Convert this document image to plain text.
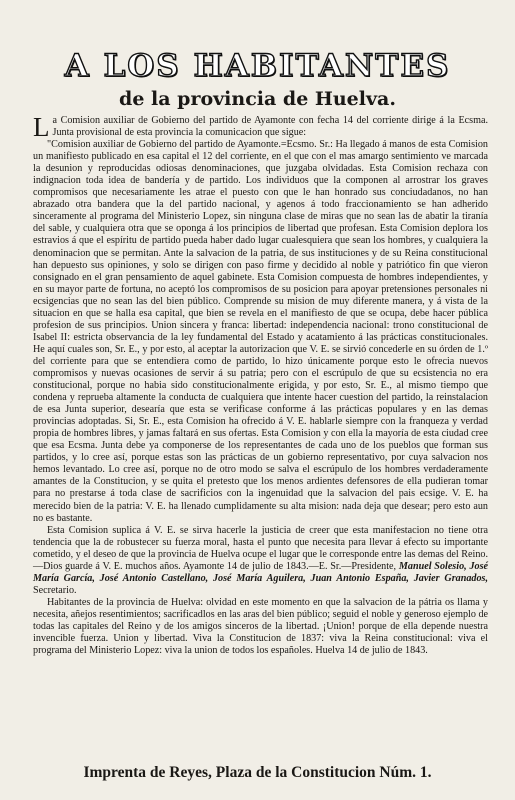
A LOS HABITANTES
de la provincia de Huelva.

La Comision auxiliar de Gobierno del partido de Ayamonte con fecha 14 del corriente dirige á la Ecsma. Junta provisional de esta provincia la comunicacion que sigue:

"Comision auxiliar de Gobierno del partido de Ayamonte.=Ecsmo. Sr.: Ha llegado á manos de esta Comision un manifiesto publicado en esa capital el 12 del corriente, en el que con el mas amargo sentimiento ve marcada la desunion y reproducidas odiosas denominaciones, que juzgaba olvidadas. Esta Comision rechaza con indignacion toda idea de bandería y de partido. Los individuos que la componen al arrostrar los graves compromisos que necesariamente les atrae el puesto con que le han honrado sus conciudadanos, no han abrazado otra bandera que la del partido nacional, y agenos á todo fraccionamiento se han adherido sinceramente al programa del Ministerio Lopez, sin ninguna clase de miras que no sean las de abatir la tiranía del sable, y cualquiera otra que se oponga á los principios de libertad que profesan. Esta Comision deplora los estravios á que el espíritu de partido pueda haber dado lugar cualesquiera que sean los hombres, y cualquiera la denominacion que se permitan. Ante la salvacion de la patria, de sus instituciones y de su Reina constitucional han depuesto sus opiniones, y solo se dirigen con paso firme y decidido al noble y patriótico fin que vieron consignado en el gran pensamiento de aquel gabinete. Esta Comision compuesta de hombres independientes, y en su mayor parte de fortuna, no aceptó los compromisos de su posicion para apoyar pretensiones personales ni ecsigencias que no sean las del bien público. Comprende su mision de muy diferente manera, y á vista de la situacion en que se halla esa capital, que bien se revela en el manifiesto de que se ocupa, debe hacer pública profesion de sus principios. Union sincera y franca: libertad: independencia nacional: trono constitucional de Isabel II: estricta observancia de la ley fundamental del Estado y acatamiento á las prácticas constitucionales. He aquí cuales son, Sr. E., y por esto, al aceptar la autorizacion que V. E. se sirvió concederle en su órden de 1.º del corriente para que se entendiera como de partido, lo hizo únicamente porque esto le ofrecia nuevos compromisos y nuevas ocasiones de servir á su patria; pero con el escrúpulo de que su ecsistencia no era constitucional, porque no habia sido constitucionalmente erigida, y por esto, Sr. E., al mismo tiempo que condena y reprueba altamente la conducta de cualquiera que intente hacer cuestion del partido, la reinstalacion de esa Junta superior, desearía que esta se verificase conforme á las prácticas populares y en las demas provincias adoptadas. Si, Sr. E., esta Comision ha ofrecido á V. E. hablarle siempre con la franqueza y verdad propia de hombres libres, y jamas faltará en sus ofertas. Esta Comision y con ella la mayoría de esta ciudad cree que esa Ecsma. Junta debe ya componerse de los representantes de cada uno de los pueblos que forman sus partidos, y lo cree así, porque estas son las prácticas de un gobierno representativo, por cuya salvacion nos hemos levantado. Lo cree así, porque no de otro modo se salva el escrúpulo de los hombres verdaderamente amantes de la Constitucion, y se quita el pretesto que los menos ardientes defensores de ella pudieran tomar para no prestarse á toda clase de sacrificios con la ingenuidad que la salvacion del pais ecsige. V. E. ha merecido bien de la patria: V. E. ha llenado cumplidamente su alta mision: nada deja que desear; pero esto aun no es bastante.

Esta Comision suplica á V. E. se sirva hacerle la justicia de creer que esta manifestacion no tiene otra tendencia que la de robustecer su fuerza moral, hasta el punto que necesita para llevar á efecto su importante cometido, y el deseo de que la provincia de Huelva ocupe el lugar que le corresponde entre las demas del Reino.—Dios guarde á V. E. muchos años. Ayamonte 14 de julio de 1843.—E. Sr.—Presidente, Manuel Solesio, José María García, José Antonio Castellano, José María Aguilera, Juan Antonio España, Javier Granados, Secretario.

Habitantes de la provincia de Huelva: olvidad en este momento en que la salvacion de la pátria os llama y necesita, añejos resentimientos; sacrificadlos en las aras del bien público; seguid el noble y generoso ejemplo de todas las capitales del Reino y de los amigos sinceros de la libertad. ¡Union! porque de ella depende nuestra invencible fuerza. Union y libertad. Viva la Constitucion de 1837: viva la Reina constitucional: viva el programa del Ministerio Lopez: viva la union de todos los españoles. Huelva 14 de julio de 1843.

Imprenta de Reyes, Plaza de la Constitucion Núm. 1.
